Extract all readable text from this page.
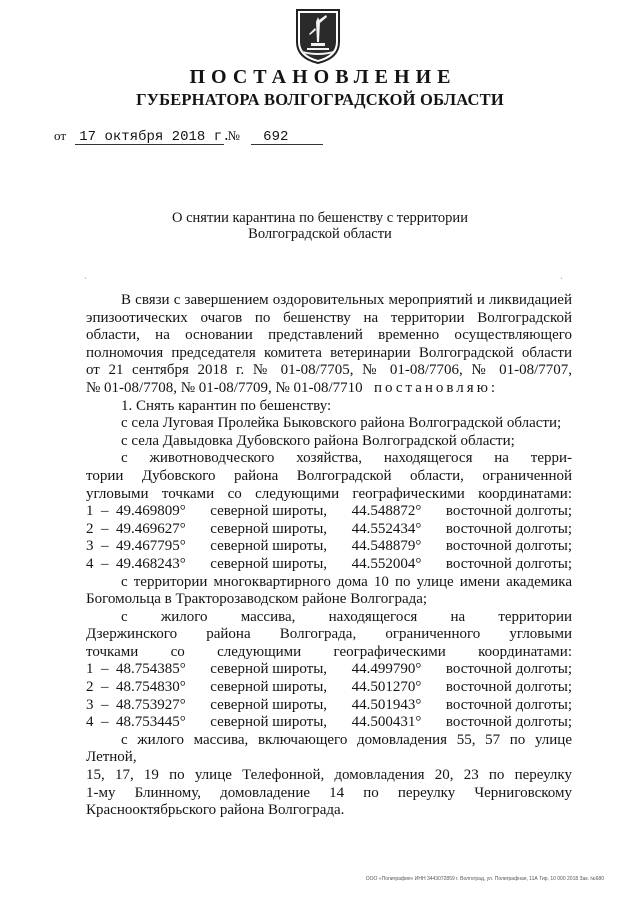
ПОСТАНОВЛЕНИЕ
ГУБЕРНАТОРА ВОЛГОГРАДСКОЙ ОБЛАСТИ
от 17 октября 2018 г. № 692
О снятии карантина по бешенству с территории
Волгоградской области
ˏ	ˎ

В связи с завершением оздоровительных мероприятий и ликвидацией

эпизоотических очагов по бешенству на территории Волгоградской

области, на основании представлений временно осуществляющего

полномочия председателя комитета ветеринарии Волгоградской области

от 21 сентября 2018 г. № 01-08/7705, № 01-08/7706, № 01-08/7707,

№ 01-08/7708, № 01-08/7709, № 01-08/7710 постановляю:

1. Снять карантин по бешенству:

с села Луговая Пролейка Быковского района Волгоградской области;

с села Давыдовка Дубовского района Волгоградской области;

с животноводческого хозяйства, находящегося на терри-

тории Дубовского района Волгоградской области, ограниченной

угловыми точками со следующими географическими координатами:

1  –  49.469809° северной широты, 44.548872° восточной долготы;
2  –  49.469627° северной широты, 44.552434° восточной долготы;
3  –  49.467795° северной широты, 44.548879° восточной долготы;
4  –  49.468243° северной широты, 44.552004° восточной долготы;

с территории многоквартирного дома 10 по улице имени академика

Богомольца в Тракторозаводском районе Волгограда;

с жилого массива, находящегося на территории

Дзержинского района Волгограда, ограниченного угловыми

точками со следующими географическими координатами:

1  –  48.754385° северной широты, 44.499790° восточной долготы;
2  –  48.754830° северной широты, 44.501270° восточной долготы;
3  –  48.753927° северной широты, 44.501943° восточной долготы;
4  –  48.753445° северной широты, 44.500431° восточной долготы;

с жилого массива, включающего домовладения 55, 57 по улице Летной,

15, 17, 19 по улице Телефонной, домовладения 20, 23 по переулку

1-му Блинному, домовладение 14 по переулку Черниговскому

Краснооктябрьского района Волгограда.

ООО «Полиграфия» ИНН 3443072859 г. Волгоград, ул. Полиграфная, 11А Тир. 10 000 2018 Зак. №680
